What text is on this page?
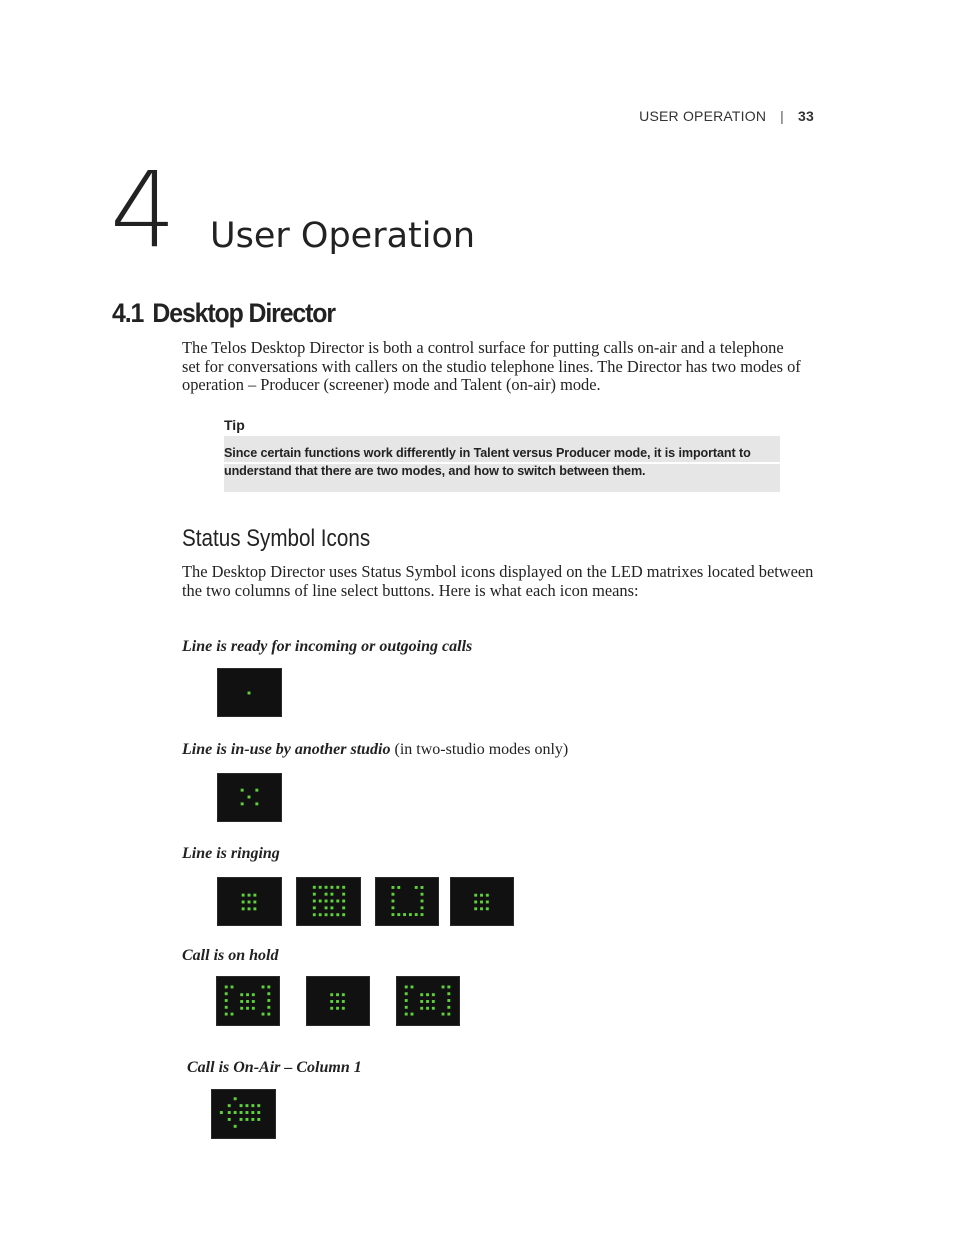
USER OPERATION | 33
4 User Operation
4.1 Desktop Director
The Telos Desktop Director is both a control surface for putting calls on-air and a telephone
set for conversations with callers on the studio telephone lines. The Director has two modes of
operation – Producer (screener) mode and Talent (on-air) mode.
Tip
Since certain functions work differently in Talent versus Producer mode, it is important to
understand that there are two modes, and how to switch between them.
Status Symbol Icons
The Desktop Director uses Status Symbol icons displayed on the LED matrixes located between
the two columns of line select buttons. Here is what each icon means:
Line is ready for incoming or outgoing calls
Line is in-use by another studio (in two-studio modes only)
Line is ringing
Call is on hold
Call is On-Air – Column 1
